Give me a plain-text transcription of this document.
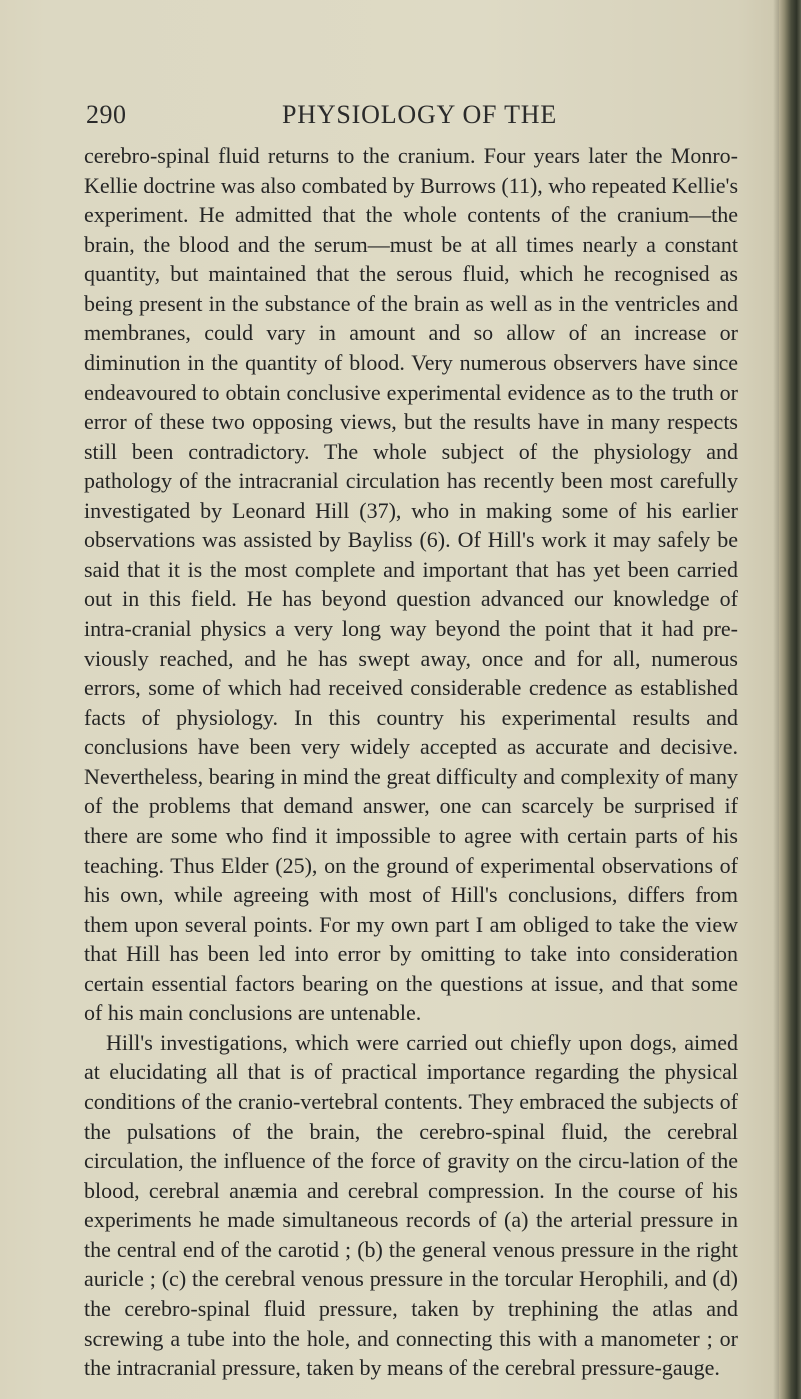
290	PHYSIOLOGY OF THE

cerebro-spinal fluid returns to the cranium. Four years later the Monro-Kellie doctrine was also combated by Burrows (11), who repeated Kellie's experiment. He admitted that the whole contents of the cranium—the brain, the blood and the serum—must be at all times nearly a constant quantity, but maintained that the serous fluid, which he recognised as being present in the substance of the brain as well as in the ventricles and membranes, could vary in amount and so allow of an increase or diminution in the quantity of blood. Very numerous observers have since endeavoured to obtain conclusive experimental evidence as to the truth or error of these two opposing views, but the results have in many respects still been contradictory. The whole subject of the physiology and pathology of the intracranial circulation has recently been most carefully investigated by Leonard Hill (37), who in making some of his earlier observations was assisted by Bayliss (6). Of Hill's work it may safely be said that it is the most complete and important that has yet been carried out in this field. He has beyond question advanced our knowledge of intra-cranial physics a very long way beyond the point that it had pre-viously reached, and he has swept away, once and for all, numerous errors, some of which had received considerable credence as established facts of physiology. In this country his experimental results and conclusions have been very widely accepted as accurate and decisive. Nevertheless, bearing in mind the great difficulty and complexity of many of the problems that demand answer, one can scarcely be surprised if there are some who find it impossible to agree with certain parts of his teaching. Thus Elder (25), on the ground of experimental observations of his own, while agreeing with most of Hill's conclusions, differs from them upon several points. For my own part I am obliged to take the view that Hill has been led into error by omitting to take into consideration certain essential factors bearing on the questions at issue, and that some of his main conclusions are untenable.

Hill's investigations, which were carried out chiefly upon dogs, aimed at elucidating all that is of practical importance regarding the physical conditions of the cranio-vertebral contents. They embraced the subjects of the pulsations of the brain, the cerebro-spinal fluid, the cerebral circulation, the influence of the force of gravity on the circu-lation of the blood, cerebral anæmia and cerebral compression. In the course of his experiments he made simultaneous records of (a) the arterial pressure in the central end of the carotid ; (b) the general venous pressure in the right auricle ; (c) the cerebral venous pressure in the torcular Herophili, and (d) the cerebro-spinal fluid pressure, taken by trephining the atlas and screwing a tube into the hole, and connecting this with a manometer ; or the intracranial pressure, taken by means of the cerebral pressure-gauge.
